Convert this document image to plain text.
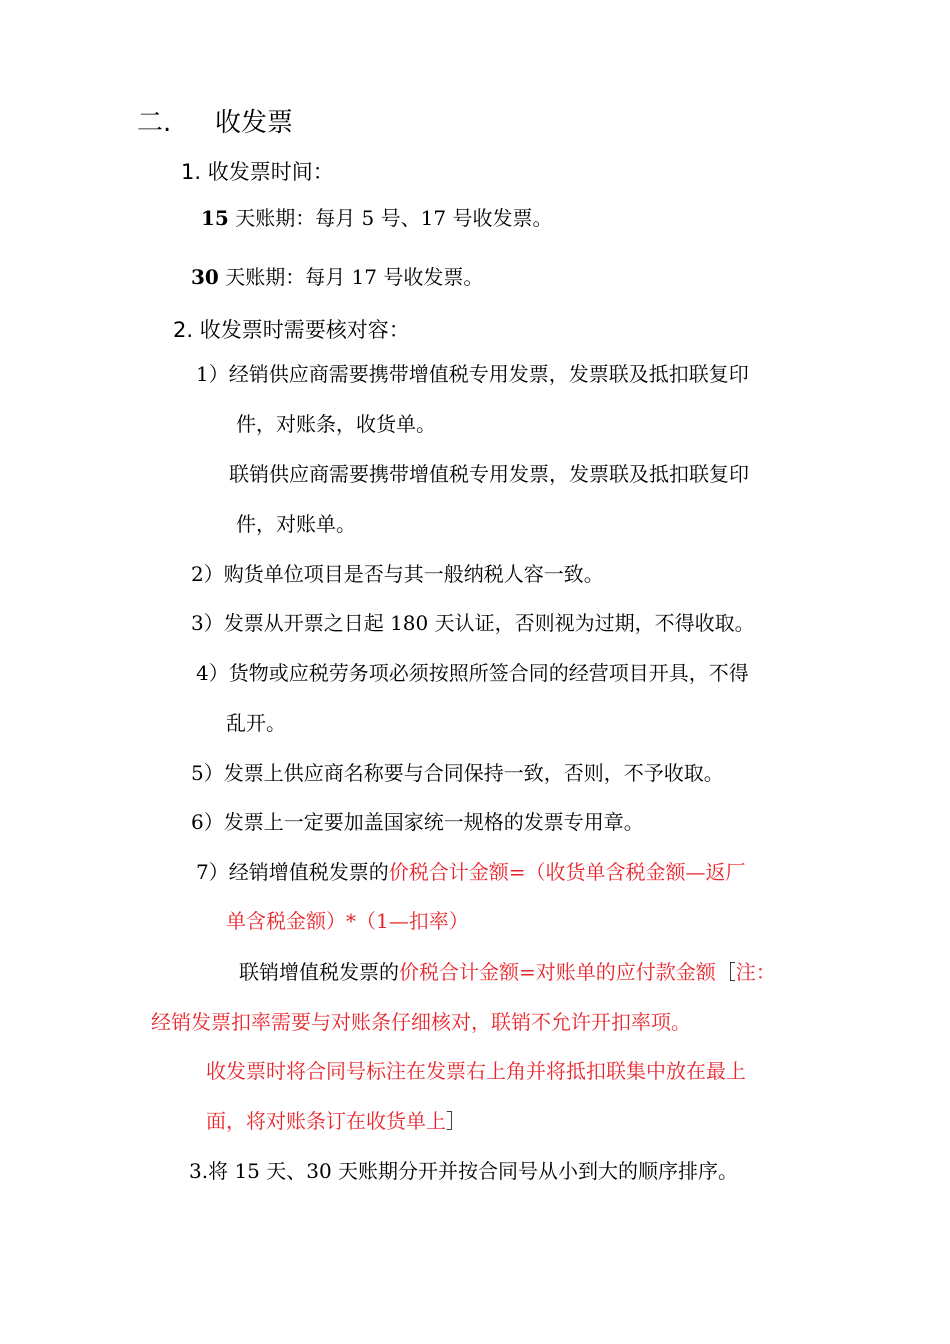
二. 收发票
1. 收发票时间：
15 天账期：每月 5 号、17 号收发票。
30 天账期：每月 17 号收发票。
2. 收发票时需要核对容：
1）经销供应商需要携带增值税专用发票，发票联及抵扣联复印
件，对账条，收货单。
联销供应商需要携带增值税专用发票，发票联及抵扣联复印
件，对账单。
2）购货单位项目是否与其一般纳税人容一致。
3）发票从开票之日起 180 天认证，否则视为过期，不得收取。
4）货物或应税劳务项必须按照所签合同的经营项目开具，不得
乱开。
5）发票上供应商名称要与合同保持一致，否则，不予收取。
6）发票上一定要加盖国家统一规格的发票专用章。
7）经销增值税发票的价税合计金额=（收货单含税金额—返厂
单含税金额）*（1—扣率）
联销增值税发票的价税合计金额=对账单的应付款金额［注：
经销发票扣率需要与对账条仔细核对，联销不允许开扣率项。
收发票时将合同号标注在发票右上角并将抵扣联集中放在最上
面，将对账条订在收货单上］
3.将 15 天、30 天账期分开并按合同号从小到大的顺序排序。
